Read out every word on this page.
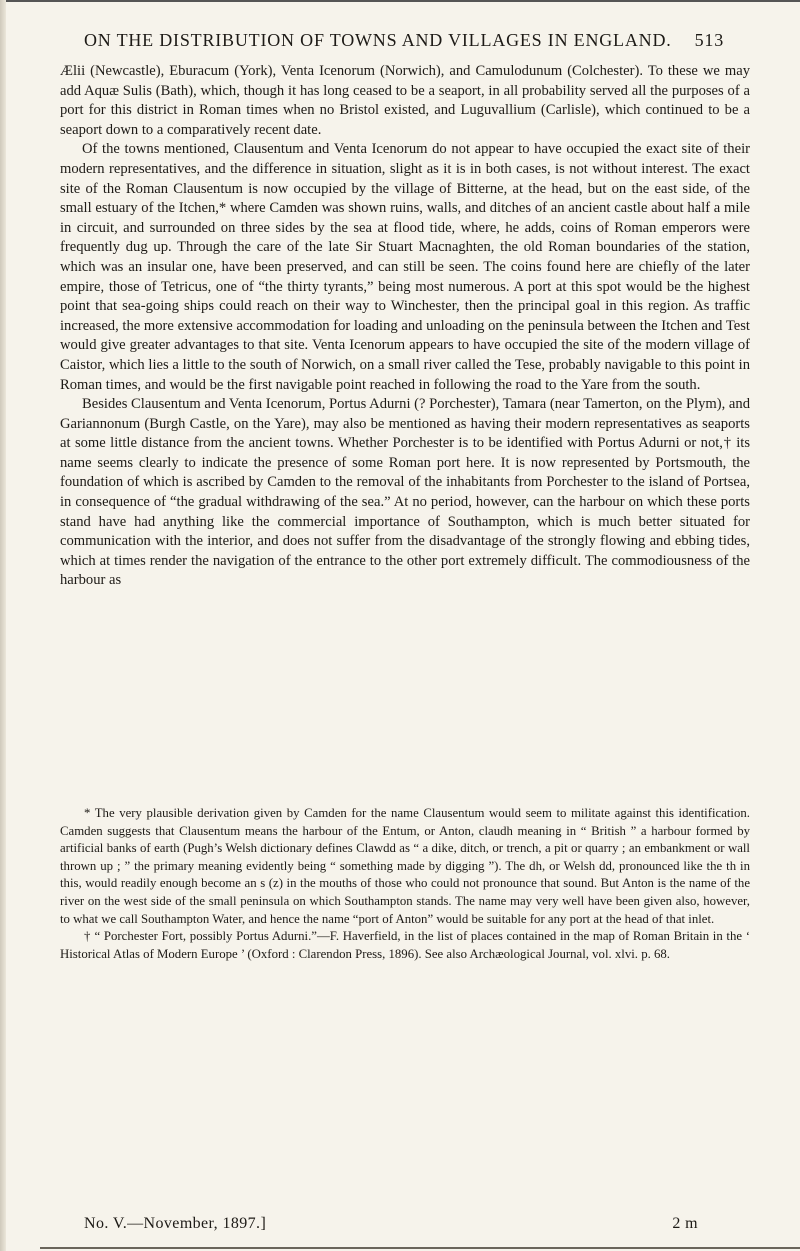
ON THE DISTRIBUTION OF TOWNS AND VILLAGES IN ENGLAND. 513

Ælii (Newcastle), Eburacum (York), Venta Icenorum (Norwich), and Camulodunum (Colchester). To these we may add Aquæ Sulis (Bath), which, though it has long ceased to be a seaport, in all probability served all the purposes of a port for this district in Roman times when no Bristol existed, and Luguvallium (Carlisle), which continued to be a seaport down to a comparatively recent date.

Of the towns mentioned, Clausentum and Venta Icenorum do not appear to have occupied the exact site of their modern representatives, and the difference in situation, slight as it is in both cases, is not without interest. The exact site of the Roman Clausentum is now occupied by the village of Bitterne, at the head, but on the east side, of the small estuary of the Itchen,* where Camden was shown ruins, walls, and ditches of an ancient castle about half a mile in circuit, and surrounded on three sides by the sea at flood tide, where, he adds, coins of Roman emperors were frequently dug up. Through the care of the late Sir Stuart Macnaghten, the old Roman boundaries of the station, which was an insular one, have been preserved, and can still be seen. The coins found here are chiefly of the later empire, those of Tetricus, one of “the thirty tyrants,” being most numerous. A port at this spot would be the highest point that sea-going ships could reach on their way to Winchester, then the principal goal in this region. As traffic increased, the more extensive accommodation for loading and unloading on the peninsula between the Itchen and Test would give greater advantages to that site. Venta Icenorum appears to have occupied the site of the modern village of Caistor, which lies a little to the south of Norwich, on a small river called the Tese, probably navigable to this point in Roman times, and would be the first navigable point reached in following the road to the Yare from the south.

Besides Clausentum and Venta Icenorum, Portus Adurni (? Porchester), Tamara (near Tamerton, on the Plym), and Gariannonum (Burgh Castle, on the Yare), may also be mentioned as having their modern representatives as seaports at some little distance from the ancient towns. Whether Porchester is to be identified with Portus Adurni or not,† its name seems clearly to indicate the presence of some Roman port here. It is now represented by Portsmouth, the foundation of which is ascribed by Camden to the removal of the inhabitants from Porchester to the island of Portsea, in consequence of “the gradual withdrawing of the sea.” At no period, however, can the harbour on which these ports stand have had anything like the commercial importance of Southampton, which is much better situated for communication with the interior, and does not suffer from the disadvantage of the strongly flowing and ebbing tides, which at times render the navigation of the entrance to the other port extremely difficult. The commodiousness of the harbour as

* The very plausible derivation given by Camden for the name Clausentum would seem to militate against this identification. Camden suggests that Clausentum means the harbour of the Entum, or Anton, claudh meaning in “ British ” a harbour formed by artificial banks of earth (Pugh’s Welsh dictionary defines Clawdd as “ a dike, ditch, or trench, a pit or quarry ; an embankment or wall thrown up ; ” the primary meaning evidently being “ something made by digging ”). The dh, or Welsh dd, pronounced like the th in this, would readily enough become an s (z) in the mouths of those who could not pronounce that sound. But Anton is the name of the river on the west side of the small peninsula on which Southampton stands. The name may very well have been given also, however, to what we call Southampton Water, and hence the name “port of Anton” would be suitable for any port at the head of that inlet.

† “ Porchester Fort, possibly Portus Adurni.”—F. Haverfield, in the list of places contained in the map of Roman Britain in the ‘ Historical Atlas of Modern Europe ’ (Oxford : Clarendon Press, 1896). See also Archæological Journal, vol. xlvi. p. 68.

No. V.—November, 1897.]	2 m
